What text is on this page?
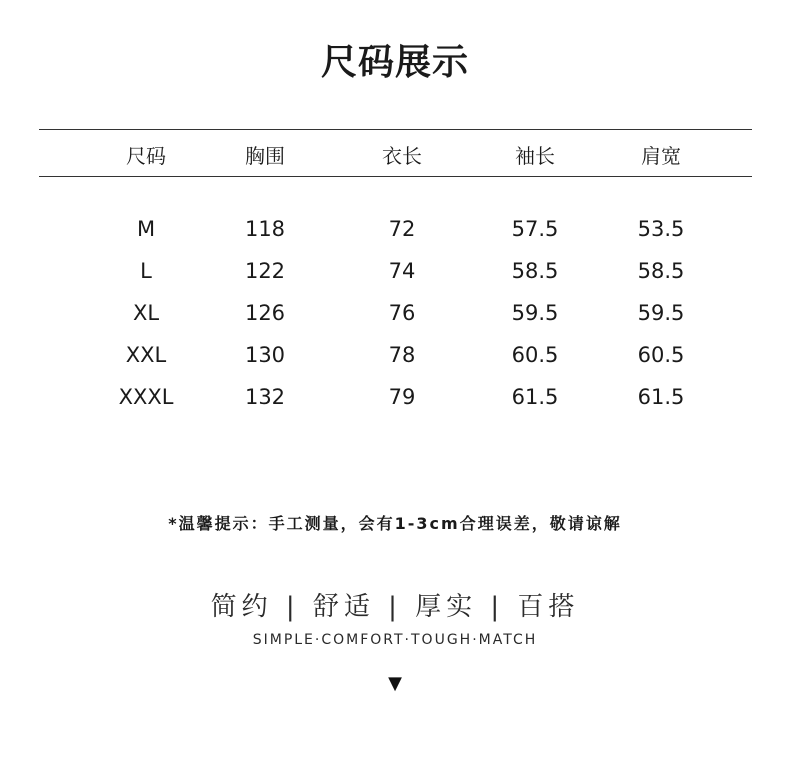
尺码展示
尺码	胸围	衣长	袖长	肩宽
M	118	72	57.5	53.5
L	122	74	58.5	58.5
XL	126	76	59.5	59.5
XXL	130	78	60.5	60.5
XXXL	132	79	61.5	61.5
*温馨提示：手工测量，会有1-3cm合理误差，敬请谅解
简约 | 舒适 | 厚实 | 百搭
SIMPLE·COMFORT·TOUGH·MATCH
▼
